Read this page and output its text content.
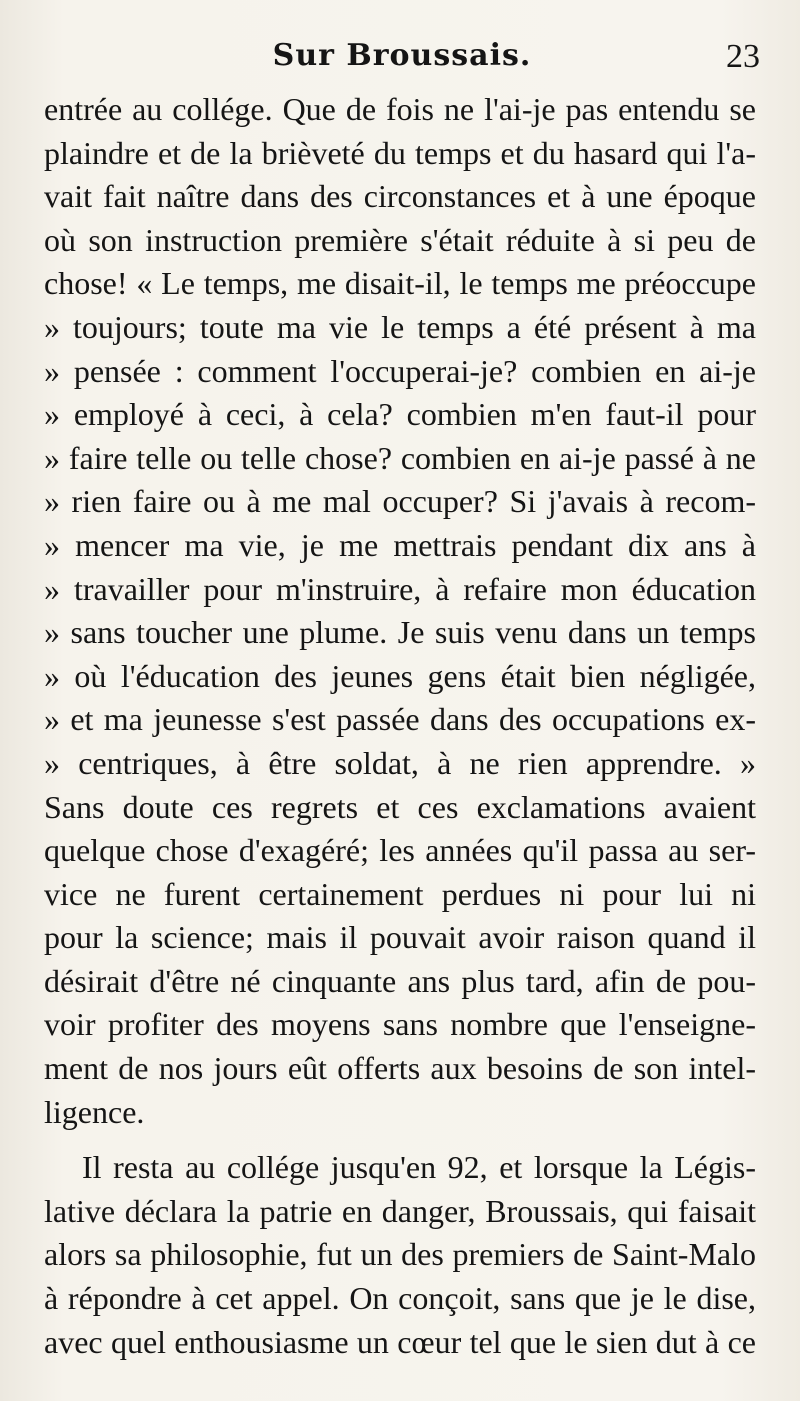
Sur Broussais.	23
entrée au collége. Que de fois ne l'ai-je pas entendu se
plaindre et de la brièveté du temps et du hasard qui l'a-
vait fait naître dans des circonstances et à une époque
où son instruction première s'était réduite à si peu de
chose! « Le temps, me disait-il, le temps me préoccupe
» toujours; toute ma vie le temps a été présent à ma
» pensée : comment l'occuperai-je? combien en ai-je
» employé à ceci, à cela? combien m'en faut-il pour
» faire telle ou telle chose? combien en ai-je passé à ne
» rien faire ou à me mal occuper? Si j'avais à recom-
» mencer ma vie, je me mettrais pendant dix ans à
» travailler pour m'instruire, à refaire mon éducation
» sans toucher une plume. Je suis venu dans un temps
» où l'éducation des jeunes gens était bien négligée,
» et ma jeunesse s'est passée dans des occupations ex-
» centriques, à être soldat, à ne rien apprendre. »
Sans doute ces regrets et ces exclamations avaient
quelque chose d'exagéré; les années qu'il passa au ser-
vice ne furent certainement perdues ni pour lui ni
pour la science; mais il pouvait avoir raison quand il
désirait d'être né cinquante ans plus tard, afin de pou-
voir profiter des moyens sans nombre que l'enseigne-
ment de nos jours eût offerts aux besoins de son intel-
ligence.
Il resta au collége jusqu'en 92, et lorsque la Légis-
lative déclara la patrie en danger, Broussais, qui faisait
alors sa philosophie, fut un des premiers de Saint-Malo
à répondre à cet appel. On conçoit, sans que je le dise,
avec quel enthousiasme un cœur tel que le sien dut à ce
